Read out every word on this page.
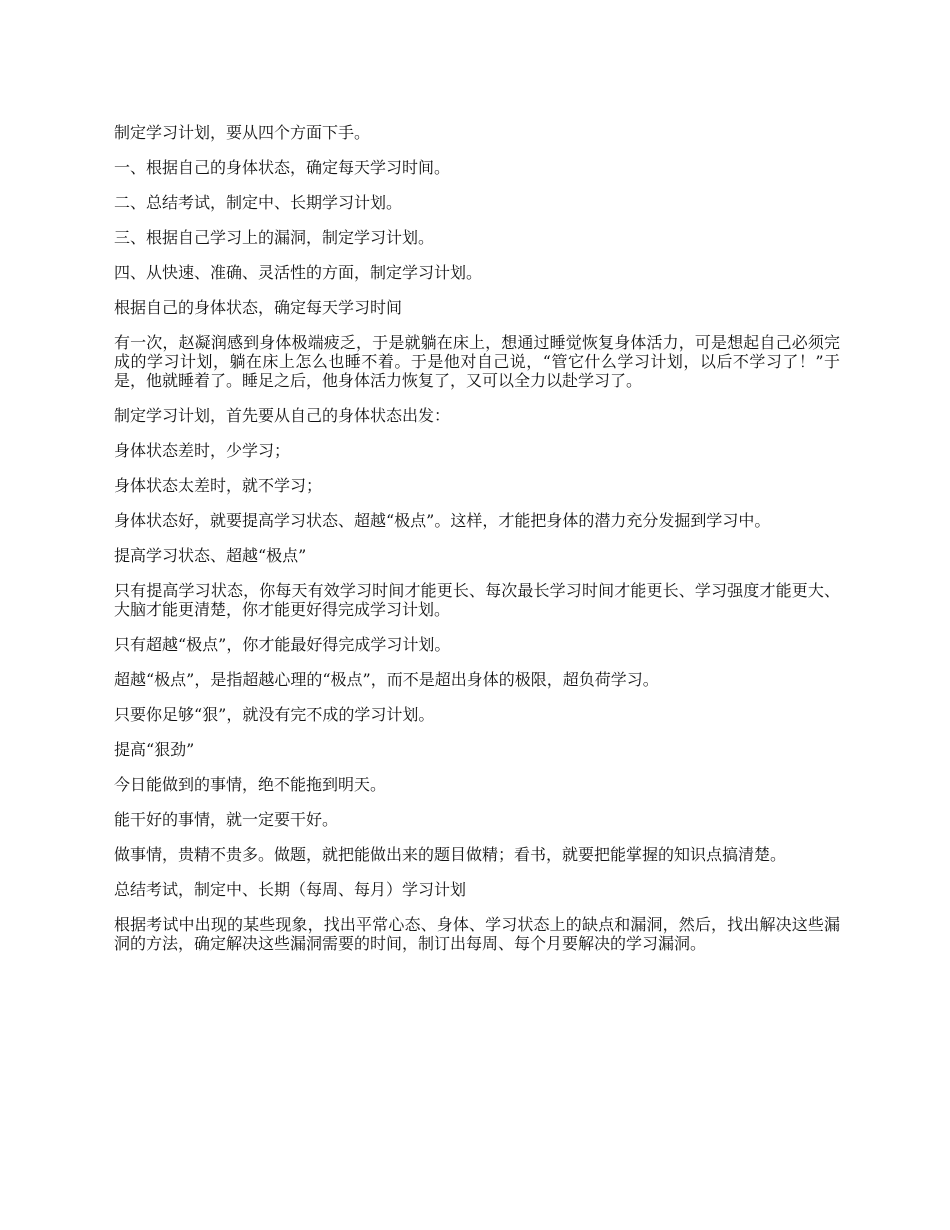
制定学习计划，要从四个方面下手。

一、根据自己的身体状态，确定每天学习时间。

二、总结考试，制定中、长期学习计划。

三、根据自己学习上的漏洞，制定学习计划。

四、从快速、准确、灵活性的方面，制定学习计划。

根据自己的身体状态，确定每天学习时间

有一次，赵凝润感到身体极端疲乏，于是就躺在床上，想通过睡觉恢复身体活力，可是想起自己必须完成的学习计划，躺在床上怎么也睡不着。于是他对自己说，“管它什么学习计划，以后不学习了！”于是，他就睡着了。睡足之后，他身体活力恢复了，又可以全力以赴学习了。

制定学习计划，首先要从自己的身体状态出发：

身体状态差时，少学习；

身体状态太差时，就不学习；

身体状态好，就要提高学习状态、超越“极点”。这样，才能把身体的潜力充分发掘到学习中。

提高学习状态、超越“极点”

只有提高学习状态，你每天有效学习时间才能更长、每次最长学习时间才能更长、学习强度才能更大、大脑才能更清楚，你才能更好得完成学习计划。

只有超越“极点”，你才能最好得完成学习计划。

超越“极点”，是指超越心理的“极点”，而不是超出身体的极限，超负荷学习。

只要你足够“狠”，就没有完不成的学习计划。

提高“狠劲”

今日能做到的事情，绝不能拖到明天。

能干好的事情，就一定要干好。

做事情，贵精不贵多。做题，就把能做出来的题目做精；看书，就要把能掌握的知识点搞清楚。

总结考试，制定中、长期（每周、每月）学习计划

根据考试中出现的某些现象，找出平常心态、身体、学习状态上的缺点和漏洞，然后，找出解决这些漏洞的方法，确定解决这些漏洞需要的时间，制订出每周、每个月要解决的学习漏洞。
